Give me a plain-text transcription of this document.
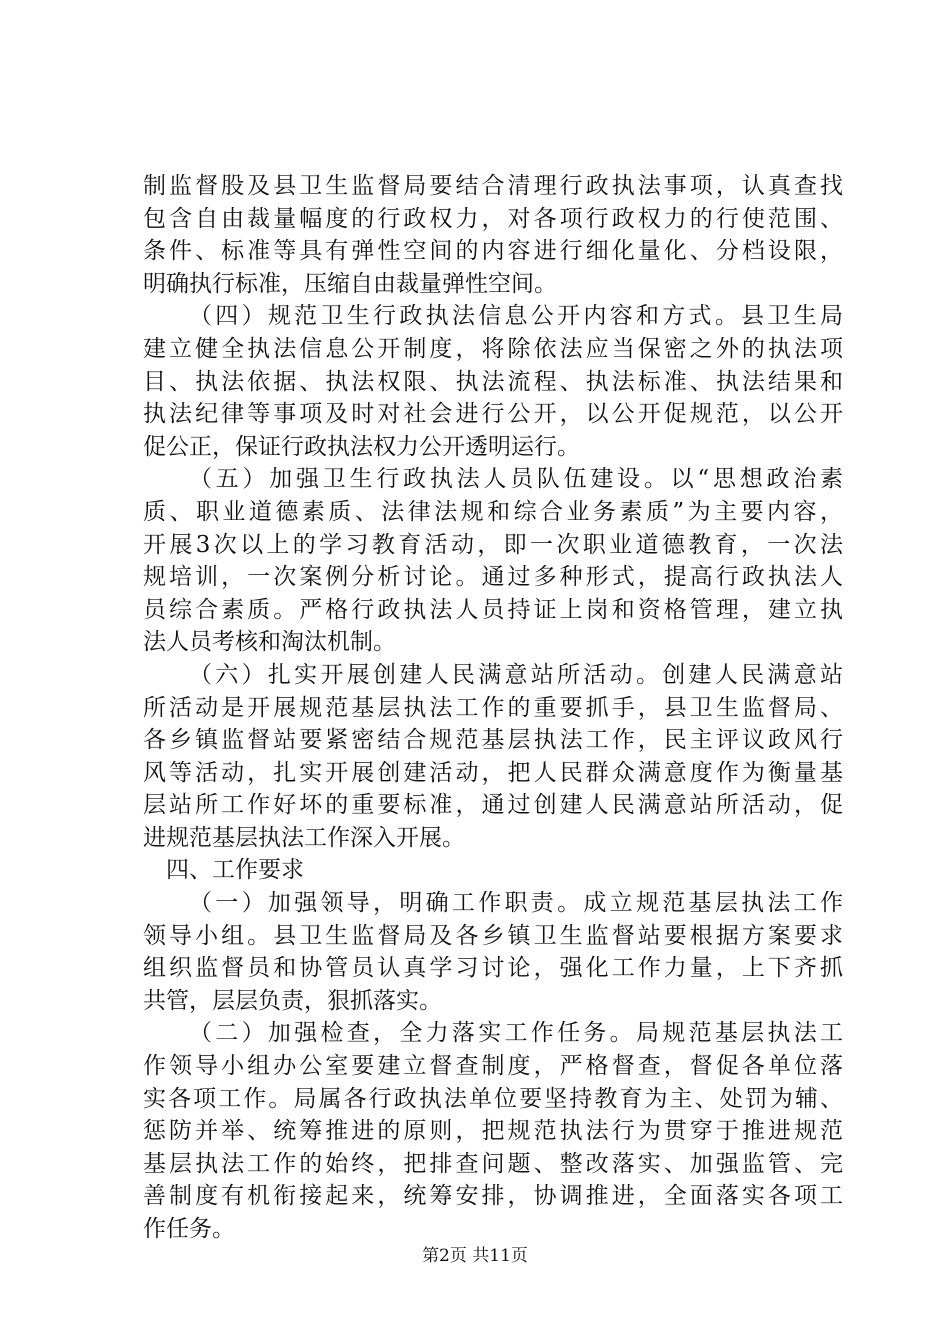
制监督股及县卫生监督局要结合清理行政执法事项，认真查找
包含自由裁量幅度的行政权力，对各项行政权力的行使范围、
条件、标准等具有弹性空间的内容进行细化量化、分档设限，
明确执行标准，压缩自由裁量弹性空间。
（四）规范卫生行政执法信息公开内容和方式。县卫生局
建立健全执法信息公开制度，将除依法应当保密之外的执法项
目、执法依据、执法权限、执法流程、执法标准、执法结果和
执法纪律等事项及时对社会进行公开，以公开促规范，以公开
促公正，保证行政执法权力公开透明运行。
（五）加强卫生行政执法人员队伍建设。以“思想政治素
质、职业道德素质、法律法规和综合业务素质”为主要内容，
开展3次以上的学习教育活动，即一次职业道德教育，一次法
规培训，一次案例分析讨论。通过多种形式，提高行政执法人
员综合素质。严格行政执法人员持证上岗和资格管理，建立执
法人员考核和淘汰机制。
（六）扎实开展创建人民满意站所活动。创建人民满意站
所活动是开展规范基层执法工作的重要抓手，县卫生监督局、
各乡镇监督站要紧密结合规范基层执法工作，民主评议政风行
风等活动，扎实开展创建活动，把人民群众满意度作为衡量基
层站所工作好坏的重要标准，通过创建人民满意站所活动，促
进规范基层执法工作深入开展。
四、工作要求
（一）加强领导，明确工作职责。成立规范基层执法工作
领导小组。县卫生监督局及各乡镇卫生监督站要根据方案要求
组织监督员和协管员认真学习讨论，强化工作力量，上下齐抓
共管，层层负责，狠抓落实。
（二）加强检查，全力落实工作任务。局规范基层执法工
作领导小组办公室要建立督查制度，严格督查，督促各单位落
实各项工作。局属各行政执法单位要坚持教育为主、处罚为辅、
惩防并举、统筹推进的原则，把规范执法行为贯穿于推进规范
基层执法工作的始终，把排查问题、整改落实、加强监管、完
善制度有机衔接起来，统筹安排，协调推进，全面落实各项工
作任务。
第2页 共11页
